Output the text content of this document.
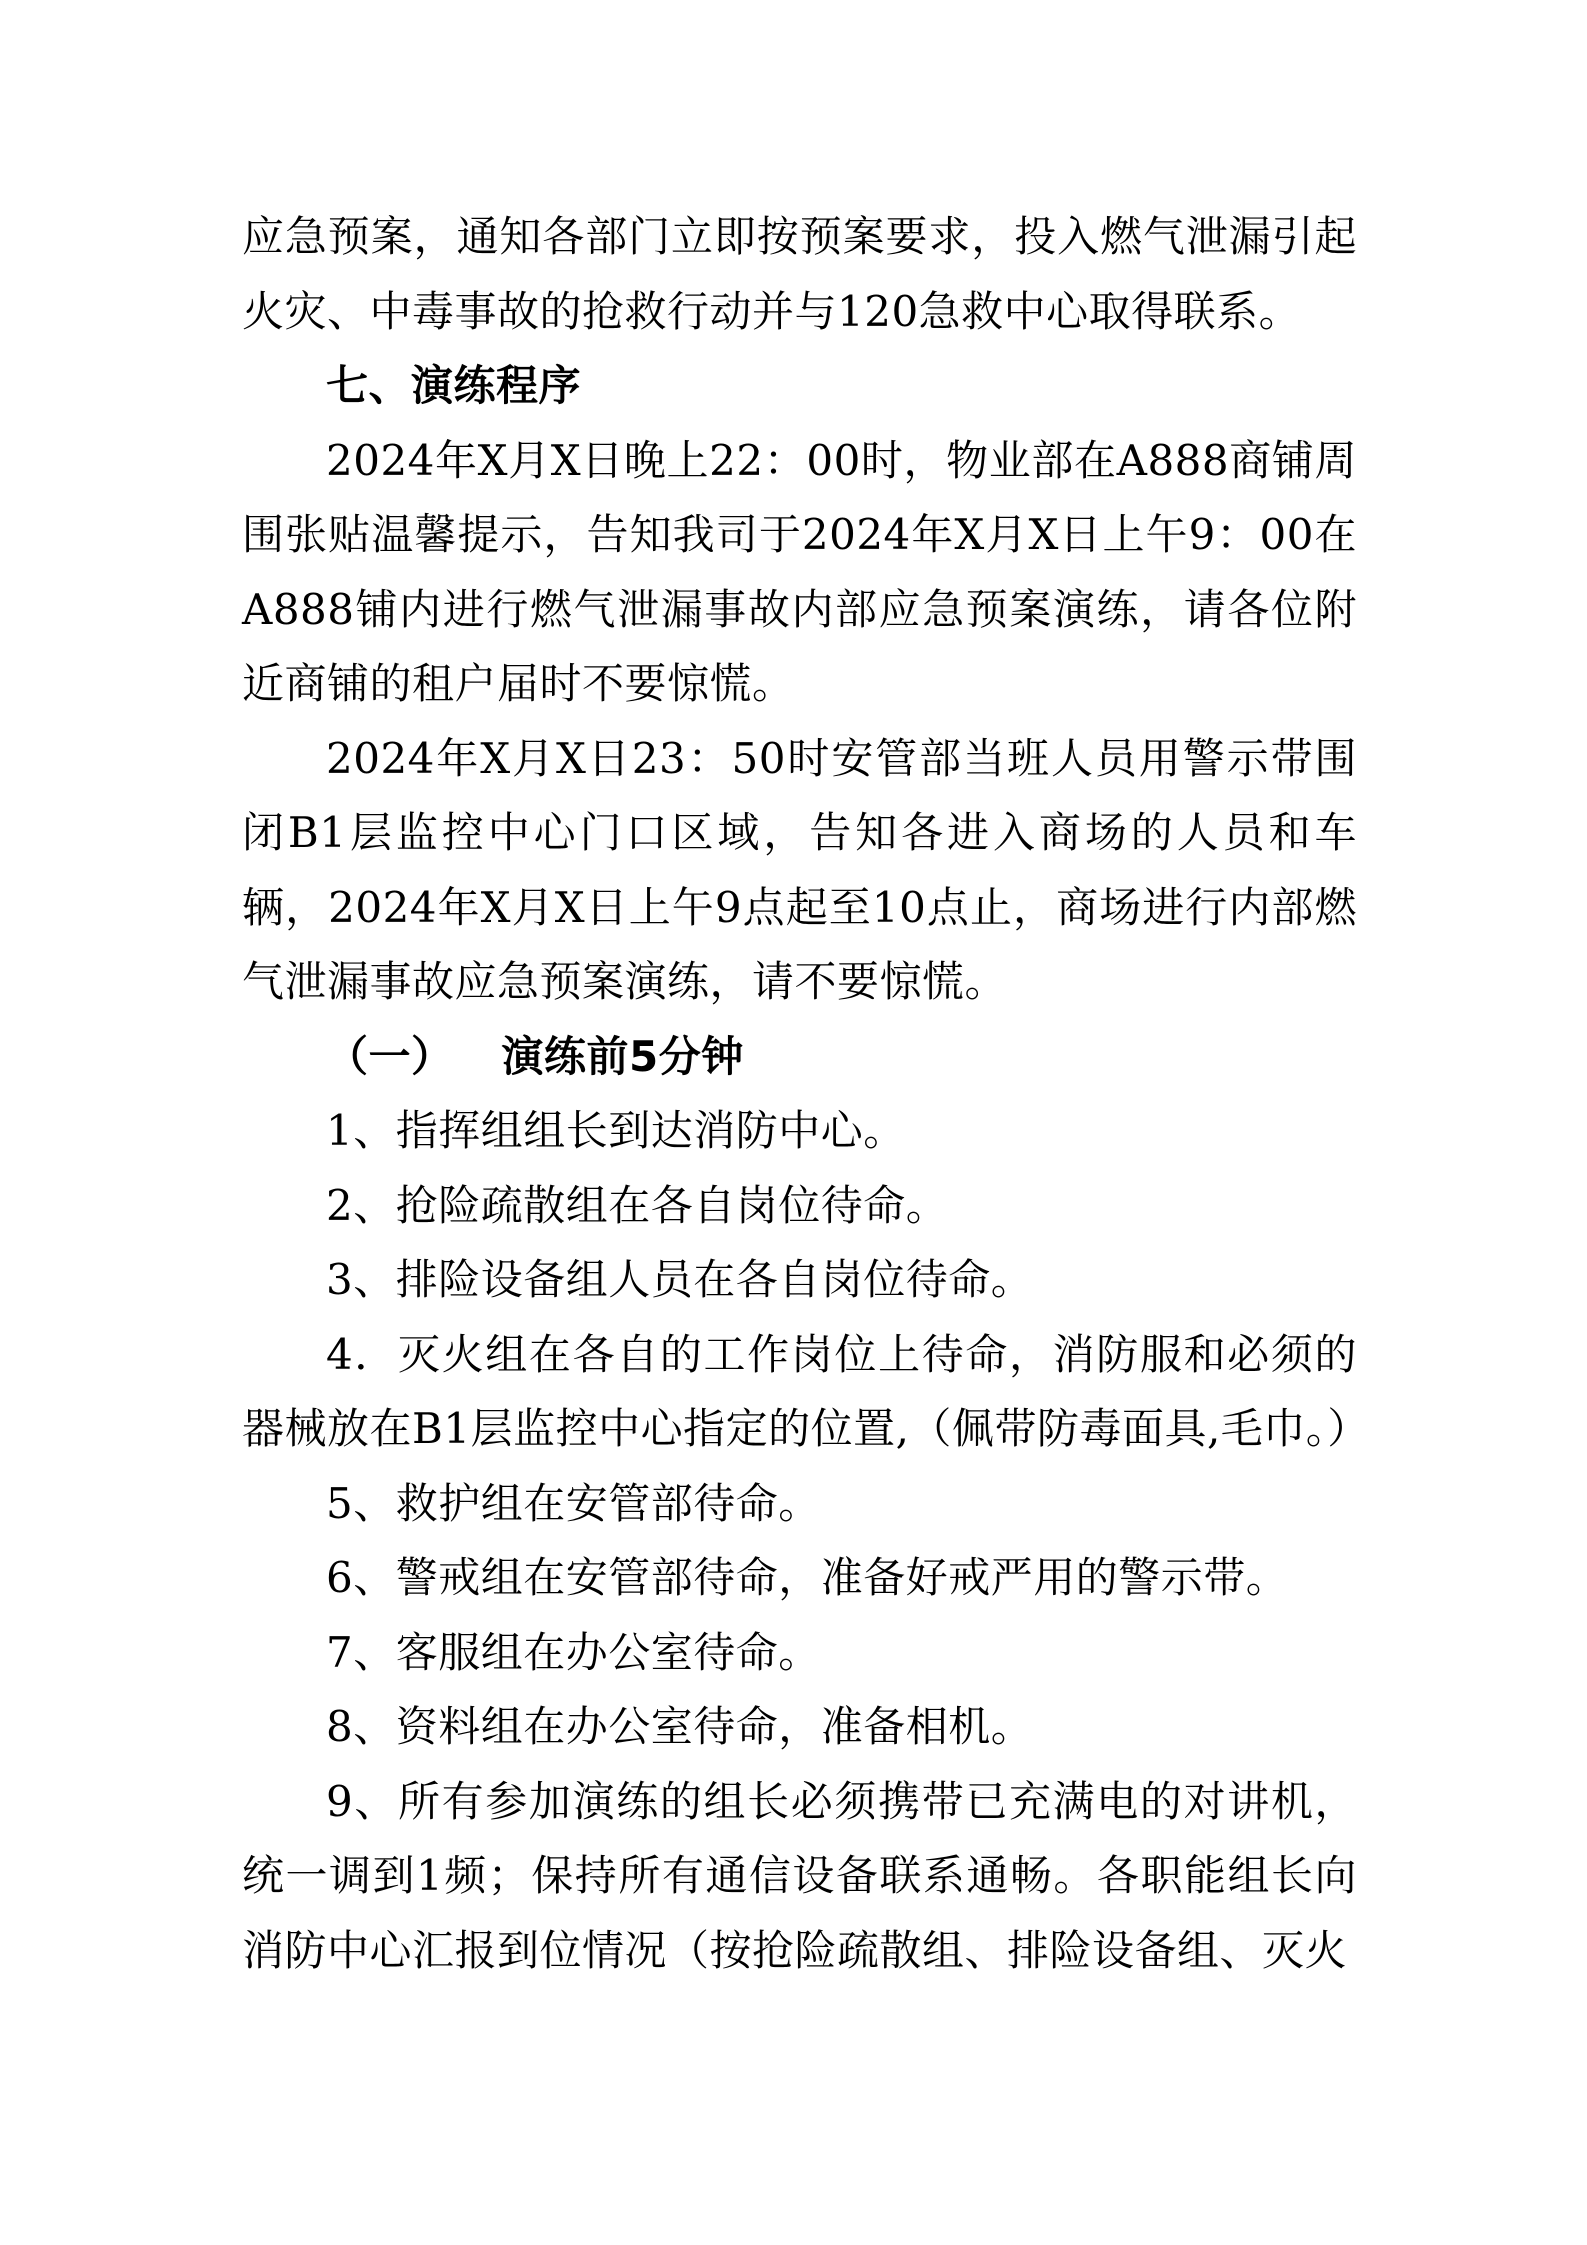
应急预案，通知各部门立即按预案要求，投入燃气泄漏引起火灾、中毒事故的抢救行动并与120急救中心取得联系。

七、演练程序

2024年X月X日晚上22：00时，物业部在A888商铺周围张贴温馨提示，告知我司于2024年X月X日上午9：00在A888铺内进行燃气泄漏事故内部应急预案演练，请各位附近商铺的租户届时不要惊慌。

2024年X月X日23：50时安管部当班人员用警示带围闭B1层监控中心门口区域，告知各进入商场的人员和车辆，2024年X月X日上午9点起至10点止，商场进行内部燃气泄漏事故应急预案演练，请不要惊慌。

（一） 演练前5分钟

1、指挥组组长到达消防中心。

2、抢险疏散组在各自岗位待命。

3、排险设备组人员在各自岗位待命。

4．灭火组在各自的工作岗位上待命，消防服和必须的器械放在B1层监控中心指定的位置,（佩带防毒面具,毛巾。）

5、救护组在安管部待命。

6、警戒组在安管部待命，准备好戒严用的警示带。

7、客服组在办公室待命。

8、资料组在办公室待命，准备相机。

9、所有参加演练的组长必须携带已充满电的对讲机，统一调到1频；保持所有通信设备联系通畅。各职能组长向消防中心汇报到位情况（按抢险疏散组、排险设备组、灭火
